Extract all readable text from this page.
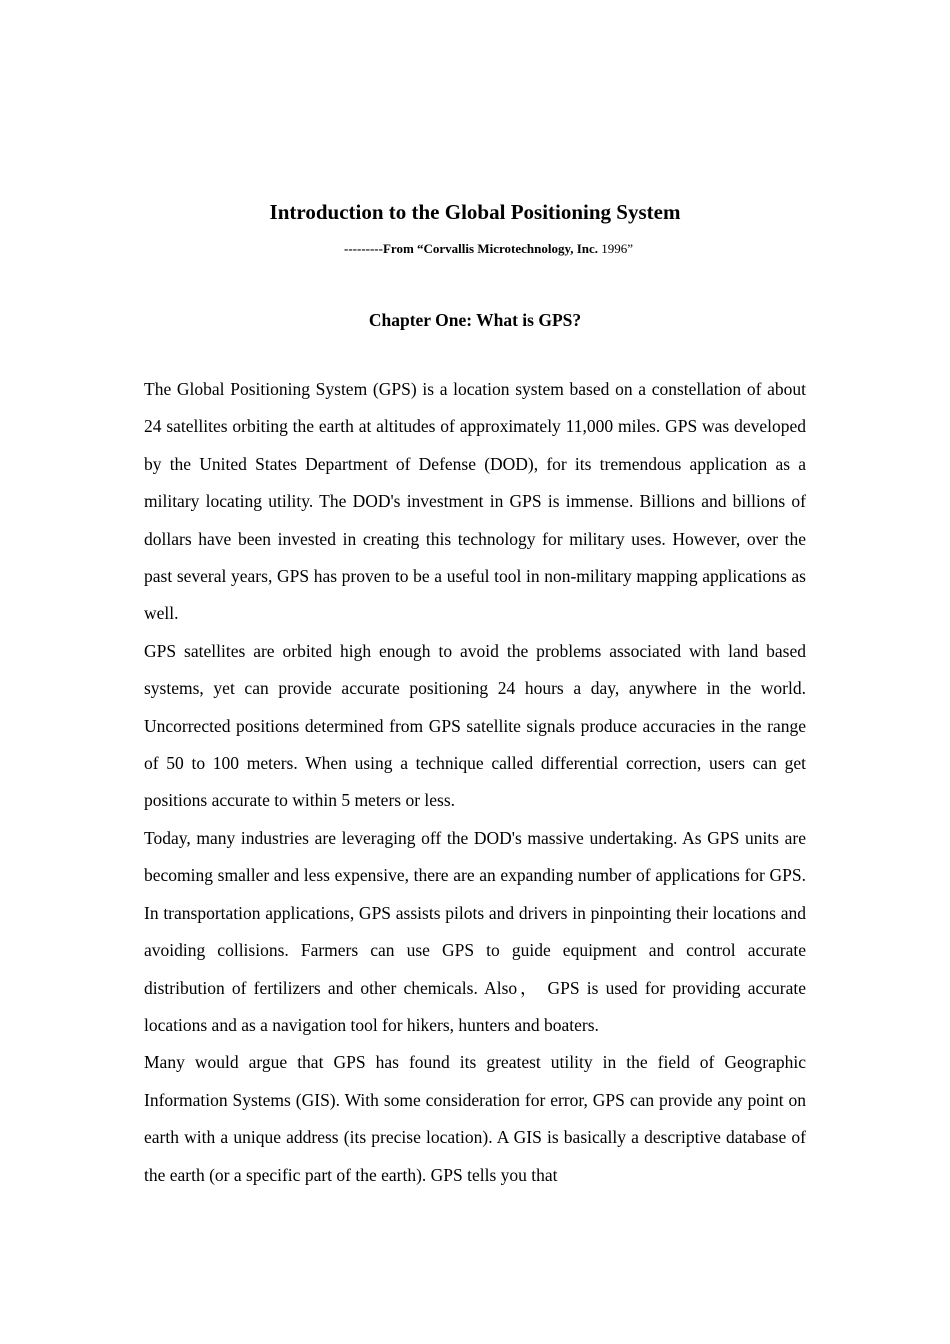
Introduction to the Global Positioning System
---------From “Corvallis Microtechnology, Inc. 1996”
Chapter One: What is GPS?

The Global Positioning System (GPS) is a location system based on a constellation of about 24 satellites orbiting the earth at altitudes of approximately 11,000 miles. GPS was developed by the United States Department of Defense (DOD), for its tremendous application as a military locating utility. The DOD's investment in GPS is immense. Billions and billions of dollars have been invested in creating this technology for military uses. However, over the past several years, GPS has proven to be a useful tool in non-military mapping applications as well.

GPS satellites are orbited high enough to avoid the problems associated with land based systems, yet can provide accurate positioning 24 hours a day, anywhere in the world. Uncorrected positions determined from GPS satellite signals produce accuracies in the range of 50 to 100 meters. When using a technique called differential correction, users can get positions accurate to within 5 meters or less.

Today, many industries are leveraging off the DOD's massive undertaking. As GPS units are becoming smaller and less expensive, there are an expanding number of applications for GPS. In transportation applications, GPS assists pilots and drivers in pinpointing their locations and avoiding collisions. Farmers can use GPS to guide equipment and control accurate distribution of fertilizers and other chemicals. Also， GPS is used for providing accurate locations and as a navigation tool for hikers, hunters and boaters.

Many would argue that GPS has found its greatest utility in the field of Geographic Information Systems (GIS). With some consideration for error, GPS can provide any point on earth with a unique address (its precise location). A GIS is basically a descriptive database of the earth (or a specific part of the earth). GPS tells you that
